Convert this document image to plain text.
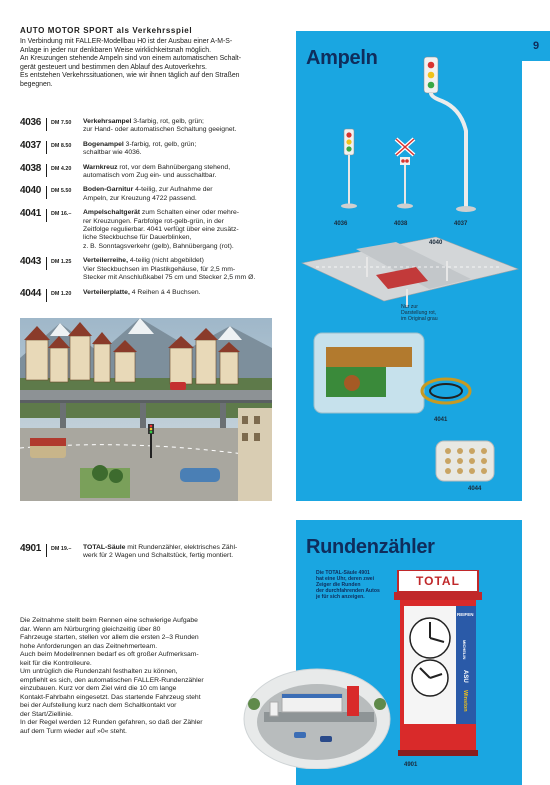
AUTO MOTOR SPORT als Verkehrsspiel
In Verbindung mit FALLER-Modellbau H0 ist der Ausbau einer A-M-S-
Anlage in jeder nur denkbaren Weise wirklichkeitsnah möglich.
An Kreuzungen stehende Ampeln sind von einem automatischen Schalt-
gerät gesteuert und bestimmen den Ablauf des Autoverkehrs.
Es entstehen Verkehrssituationen, wie wir ihnen täglich auf den Straßen
begegnen.
4036	DM 7.50	Verkehrsampel 3-farbig, rot, gelb, grün;
zur Hand- oder automatischen Schaltung geeignet.
4037	DM 8.50	Bogenampel 3-farbig, rot, gelb, grün;
schaltbar wie 4036.
4038	DM 4.20	Warnkreuz rot, vor dem Bahnübergang stehend,
automatisch vom Zug ein- und ausschaltbar.
4040	DM 5.50	Boden-Garnitur 4-teilig, zur Aufnahme der
Ampeln, zur Kreuzung 4722 passend.
4041	DM 16.–	Ampelschaltgerät zum Schalten einer oder mehre-
rer Kreuzungen. Farbfolge rot-gelb-grün, in der
Zeitfolge regulierbar. 4041 verfügt über eine zusätz-
liche Steckbuchse für Dauerblinken,
z. B. Sonntagsverkehr (gelb), Bahnübergang (rot).
4043	DM 1.25	Verteilerreihe, 4-teilig (nicht abgebildet)
Vier Steckbuchsen im Plastikgehäuse, für 2,5 mm-
Stecker mit Anschlußkabel 75 cm und Stecker 2,5 mm Ø.
4044	DM 1.20	Verteilerplatte, 4 Reihen á 4 Buchsen.
Ampeln
4036	4038	4037
4040
Nur zur
Darstellung rot,
im Original grau
4041
4044
9
4901	DM 19.–	TOTAL-Säule mit Rundenzähler, elektrisches Zähl-
werk für 2 Wagen und Schaltstück, fertig montiert.
Die Zeitnahme stellt beim Rennen eine schwierige Aufgabe
dar. Wenn am Nürburgring gleichzeitig über 80
Fahrzeuge starten, stellen vor allem die ersten 2–3 Runden
hohe Anforderungen an das Zeitnehmerteam.
Auch beim Modellrennen bedarf es oft großer Aufmerksam-
keit für die Kontrolleure.
Um untrüglich die Rundenzahl festhalten zu können,
empfiehlt es sich, den automatischen FALLER-Rundenzähler
einzubauen. Kurz vor dem Ziel wird die 10 cm lange
Kontakt-Fahrbahn eingesetzt. Das startende Fahrzeug steht
bei der Aufstellung kurz nach dem Schaltkontakt vor
der Start/Ziellinie.
In der Regel werden 12 Runden gefahren, so daß der Zähler
auf dem Turm wieder auf »0« steht.
Rundenzähler
Die TOTAL-Säule 4901
hat eine Uhr, deren zwei
Zeiger die Runden
der durchfahrenden Autos
je für sich anzeigen.
TOTAL
REIFEN
MICHELIN
ASU
Winston
4901
